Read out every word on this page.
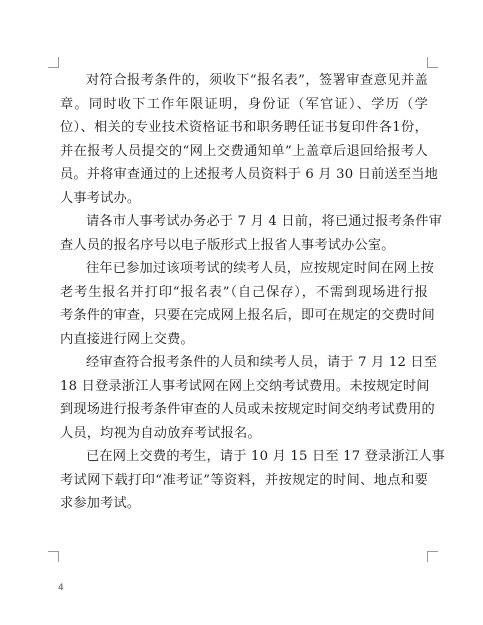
对符合报考条件的，须收下“报名表”，签署审查意见并盖
章。同时收下工作年限证明，身份证（军官证）、学历（学
位）、相关的专业技术资格证书和职务聘任证书复印件各1份，
并在报考人员提交的“网上交费通知单”上盖章后退回给报考人
员。并将审查通过的上述报考人员资料于 6 月 30 日前送至当地
人事考试办。
请各市人事考试办务必于 7 月 4 日前，将已通过报考条件审
查人员的报名序号以电子版形式上报省人事考试办公室。
往年已参加过该项考试的续考人员，应按规定时间在网上按
老考生报名并打印“报名表”（自己保存），不需到现场进行报
考条件的审查，只要在完成网上报名后，即可在规定的交费时间
内直接进行网上交费。
经审查符合报考条件的人员和续考人员，请于 7 月 12 日至
18 日登录浙江人事考试网在网上交纳考试费用。未按规定时间
到现场进行报考条件审查的人员或未按规定时间交纳考试费用的
人员，均视为自动放弃考试报名。
已在网上交费的考生，请于 10 月 15 日至 17 登录浙江人事
考试网下载打印“准考证”等资料，并按规定的时间、地点和要
求参加考试。
4
